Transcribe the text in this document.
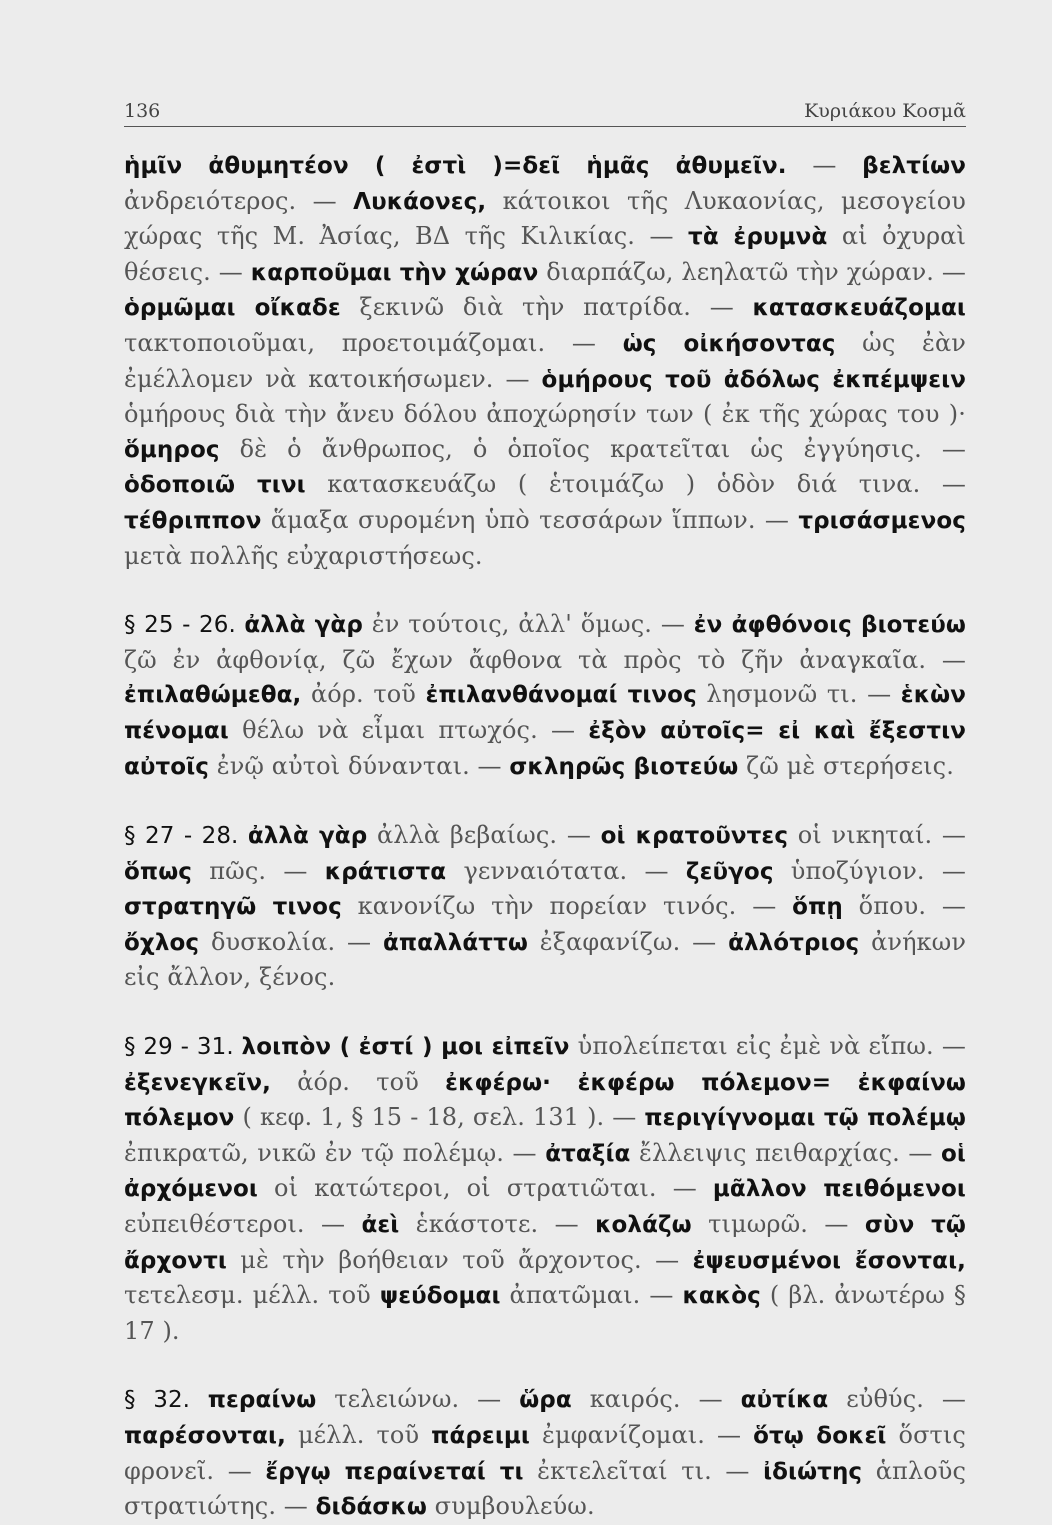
136	Κυριάκου Κοσμᾶ

ἡμῖν ἀθυμητέον ( ἐστὶ )=δεῖ ἡμᾶς ἀθυμεῖν. — βελτίων ἀνδρειότερος. — Λυκάονες, κάτοικοι τῆς Λυκαονίας, μεσογείου χώρας τῆς Μ. Ἀσίας, ΒΔ τῆς Κιλικίας. — τὰ ἐρυμνὰ αἱ ὀχυραὶ θέσεις. — καρποῦμαι τὴν χώραν διαρπάζω, λεηλατῶ τὴν χώραν. — ὁρμῶμαι οἴκαδε ξεκινῶ διὰ τὴν πατρίδα. — κατασκευάζομαι τακτοποιοῦμαι, προετοιμάζομαι. — ὡς οἰκήσοντας ὡς ἐὰν ἐμέλλομεν νὰ κατοικήσωμεν. — ὁμήρους τοῦ ἀδόλως ἐκπέμψειν ὁμήρους διὰ τὴν ἄνευ δόλου ἀποχώρησίν των ( ἐκ τῆς χώρας του )· ὅμηρος δὲ ὁ ἄνθρωπος, ὁ ὁποῖος κρατεῖται ὡς ἐγγύησις. — ὁδοποιῶ τινι κατασκευάζω ( ἑτοιμάζω ) ὁδὸν διά τινα. — τέθριππον ἅμαξα συρομένη ὑπὸ τεσσάρων ἵππων. — τρισάσμενος μετὰ πολλῆς εὐχαριστήσεως.

§ 25 - 26. ἀλλὰ γὰρ ἐν τούτοις, ἀλλ' ὅμως. — ἐν ἀφθόνοις βιοτεύω ζῶ ἐν ἀφθονίᾳ, ζῶ ἔχων ἄφθονα τὰ πρὸς τὸ ζῆν ἀναγκαῖα. — ἐπιλαθώμεθα, ἀόρ. τοῦ ἐπιλανθάνομαί τινος λησμονῶ τι. — ἑκὼν πένομαι θέλω νὰ εἶμαι πτωχός. — ἐξὸν αὐτοῖς= εἰ καὶ ἔξεστιν αὐτοῖς ἐνῷ αὐτοὶ δύνανται. — σκληρῶς βιοτεύω ζῶ μὲ στερήσεις.

§ 27 - 28. ἀλλὰ γὰρ ἀλλὰ βεβαίως. — οἱ κρατοῦντες οἱ νικηταί. — ὅπως πῶς. — κράτιστα γενναιότατα. — ζεῦγος ὑποζύγιον. — στρατηγῶ τινος κανονίζω τὴν πορείαν τινός. — ὅπῃ ὅπου. — ὄχλος δυσκολία. — ἀπαλλάττω ἐξαφανίζω. — ἀλλότριος ἀνήκων εἰς ἄλλον, ξένος.

§ 29 - 31. λοιπὸν ( ἐστί ) μοι εἰπεῖν ὑπολείπεται εἰς ἐμὲ νὰ εἴπω. — ἐξενεγκεῖν, ἀόρ. τοῦ ἐκφέρω· ἐκφέρω πόλεμον= ἐκφαίνω πόλεμον ( κεφ. 1, § 15 - 18, σελ. 131 ). — περιγίγνομαι τῷ πολέμῳ ἐπικρατῶ, νικῶ ἐν τῷ πολέμῳ. — ἀταξία ἔλλειψις πειθαρχίας. — οἱ ἀρχόμενοι οἱ κατώτεροι, οἱ στρατιῶται. — μᾶλλον πειθόμενοι εὐπειθέστεροι. — ἀεὶ ἑκάστοτε. — κολάζω τιμωρῶ. — σὺν τῷ ἄρχοντι μὲ τὴν βοήθειαν τοῦ ἄρχοντος. — ἐψευσμένοι ἔσονται, τετελεσμ. μέλλ. τοῦ ψεύδομαι ἀπατῶμαι. — κακὸς ( βλ. ἀνωτέρω § 17 ).

§ 32. περαίνω τελειώνω. — ὥρα καιρός. — αὐτίκα εὐθύς. — παρέσονται, μέλλ. τοῦ πάρειμι ἐμφανίζομαι. — ὅτῳ δοκεῖ ὅστις φρονεῖ. — ἔργῳ περαίνεταί τι ἐκτελεῖταί τι. — ἰδιώτης ἁπλοῦς στρατιώτης. — διδάσκω συμβουλεύω.
